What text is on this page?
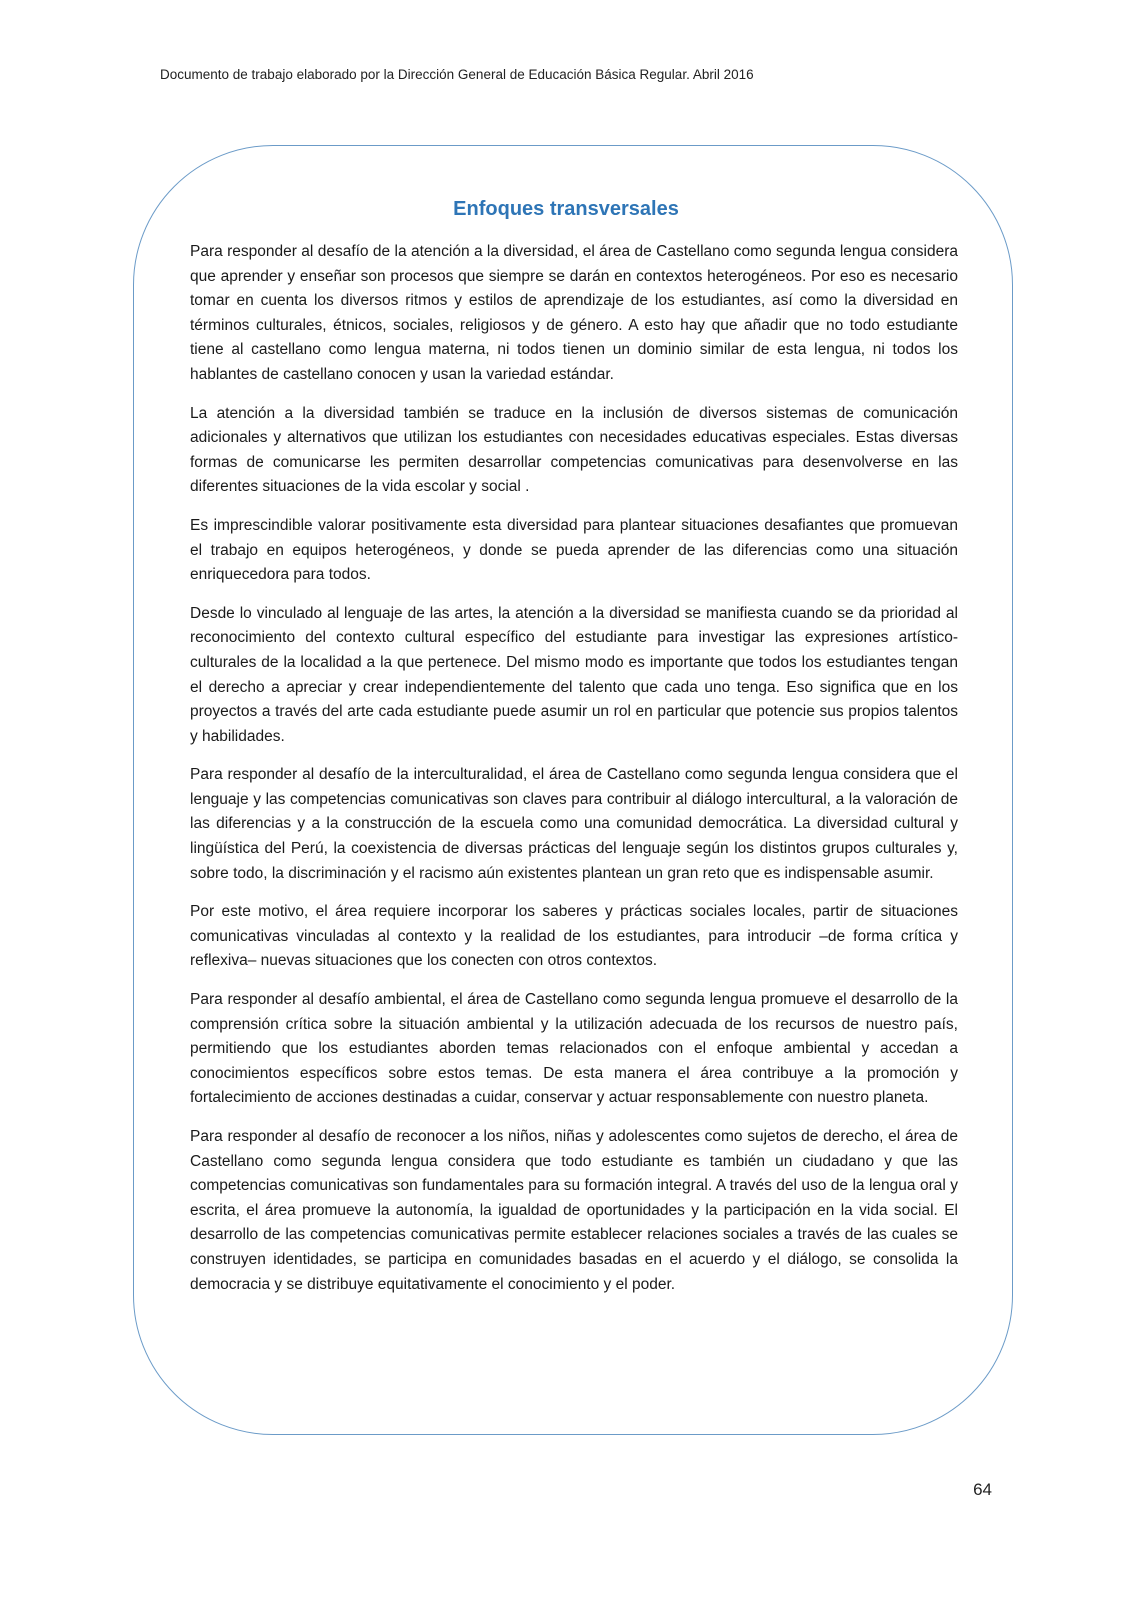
Documento de trabajo elaborado por la Dirección General de Educación Básica Regular. Abril 2016
Enfoques transversales

Para responder al desafío de la atención a la diversidad, el área de Castellano como segunda lengua considera que aprender y enseñar son procesos que siempre se darán en contextos heterogéneos. Por eso es necesario tomar en cuenta los diversos ritmos y estilos de aprendizaje de los estudiantes, así como la diversidad en términos culturales, étnicos, sociales, religiosos y de género. A esto hay que añadir que no todo estudiante tiene al castellano como lengua materna, ni todos tienen un dominio similar de esta lengua, ni todos los hablantes de castellano conocen y usan la variedad estándar.

La atención a la diversidad también se traduce en la inclusión de diversos sistemas de comunicación adicionales y alternativos que utilizan los estudiantes con necesidades educativas especiales. Estas diversas formas de comunicarse les permiten desarrollar competencias comunicativas para desenvolverse en las diferentes situaciones de la vida escolar y social .

Es imprescindible valorar positivamente esta diversidad para plantear situaciones desafiantes que promuevan el trabajo en equipos heterogéneos, y donde se pueda aprender de las diferencias como una situación enriquecedora para todos.

Desde lo vinculado al lenguaje de las artes, la atención a la diversidad se manifiesta cuando se da prioridad al reconocimiento del contexto cultural específico del estudiante para investigar las expresiones artístico-culturales de la localidad a la que pertenece. Del mismo modo es importante que todos los estudiantes tengan el derecho a apreciar y crear independientemente del talento que cada uno tenga. Eso significa que en los proyectos a través del arte cada estudiante puede asumir un rol en particular que potencie sus propios talentos y habilidades.

Para responder al desafío de la interculturalidad, el área de Castellano como segunda lengua considera que el lenguaje y las competencias comunicativas son claves para contribuir al diálogo intercultural, a la valoración de las diferencias y a la construcción de la escuela como una comunidad democrática. La diversidad cultural y lingüística del Perú, la coexistencia de diversas prácticas del lenguaje según los distintos grupos culturales y, sobre todo, la discriminación y el racismo aún existentes plantean un gran reto que es indispensable asumir.

Por este motivo, el área requiere incorporar los saberes y prácticas sociales locales, partir de situaciones comunicativas vinculadas al contexto y la realidad de los estudiantes, para introducir –de forma crítica y reflexiva– nuevas situaciones que los conecten con otros contextos.

Para responder al desafío ambiental, el área de Castellano como segunda lengua promueve el desarrollo de la comprensión crítica sobre la situación ambiental y la utilización adecuada de los recursos de nuestro país, permitiendo que los estudiantes aborden temas relacionados con el enfoque ambiental y accedan a conocimientos específicos sobre estos temas. De esta manera el área contribuye a la promoción y fortalecimiento de acciones destinadas a cuidar, conservar y actuar responsablemente con nuestro planeta.

Para responder al desafío de reconocer a los niños, niñas y adolescentes como sujetos de derecho, el área de Castellano como segunda lengua considera que todo estudiante es también un ciudadano y que las competencias comunicativas son fundamentales para su formación integral. A través del uso de la lengua oral y escrita, el área promueve la autonomía, la igualdad de oportunidades y la participación en la vida social. El desarrollo de las competencias comunicativas permite establecer relaciones sociales a través de las cuales se construyen identidades, se participa en comunidades basadas en el acuerdo y el diálogo, se consolida la democracia y se distribuye equitativamente el conocimiento y el poder.

64
